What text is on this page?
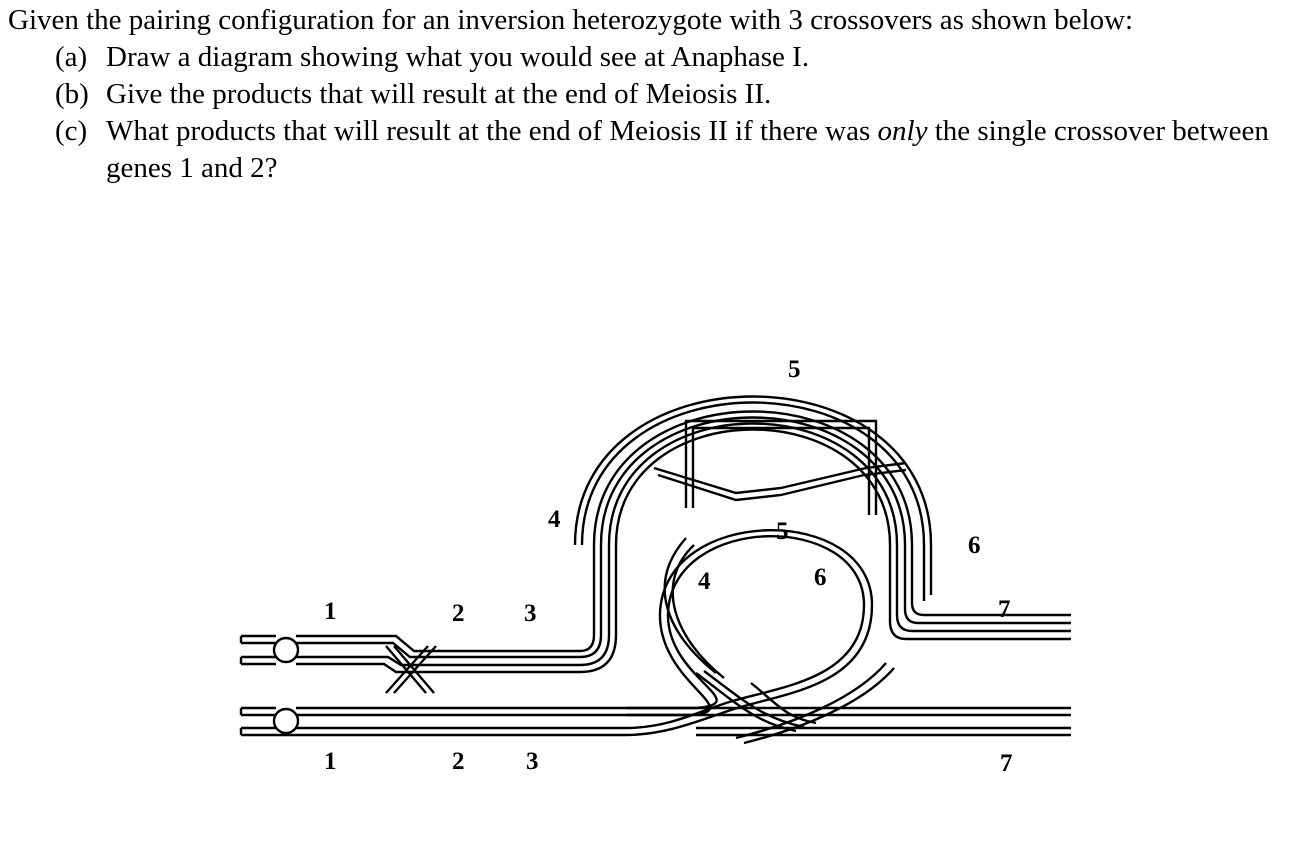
Given the pairing configuration for an inversion heterozygote with 3 crossovers as shown below:

(a) Draw a diagram showing what you would see at Anaphase I.
(b) Give the products that will result at the end of Meiosis II.
(c) What products that will result at the end of Meiosis II if there was only the single crossover between genes 1 and 2?
1	2 3
4
5
6
7
4
5
6
1	2 3	7
